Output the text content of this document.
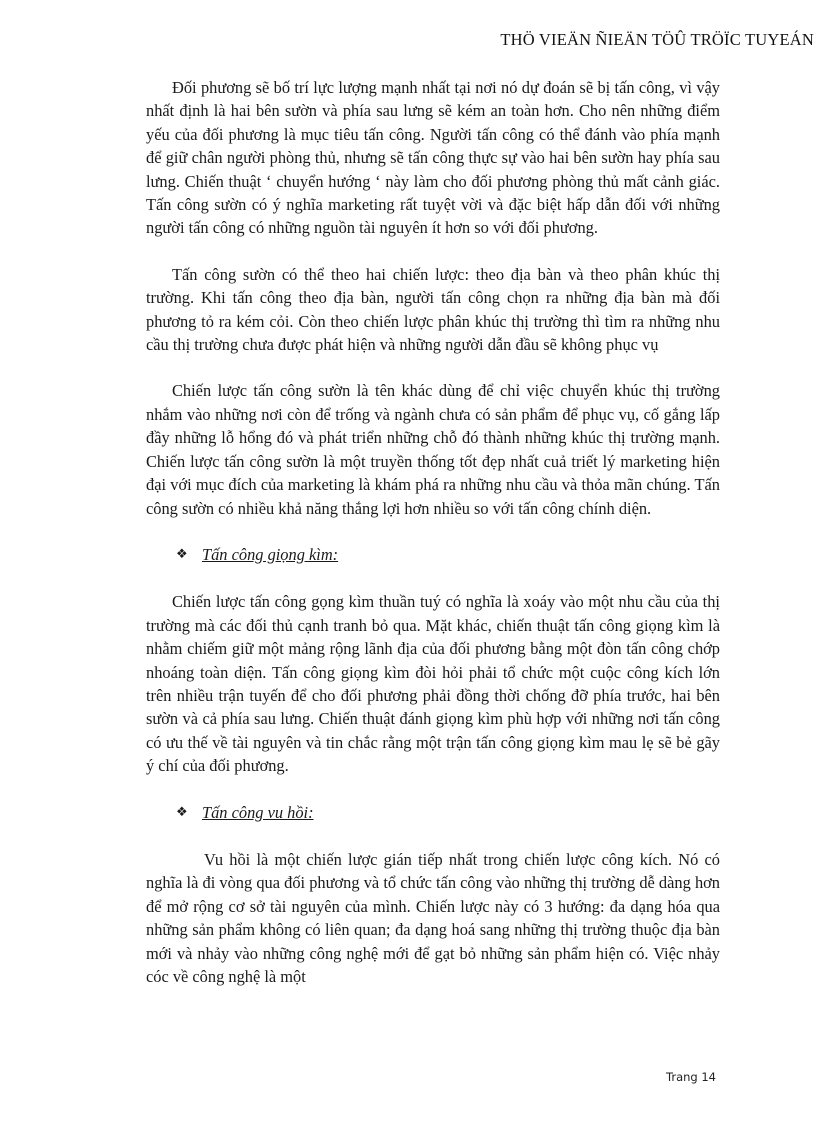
THÖ VIEÄN ÑIEÄN TÖÛ TRÖÏC TUYEÁN

Đối phương sẽ bố trí lực lượng mạnh nhất tại nơi nó dự đoán sẽ bị tấn công, vì vậy nhất định là hai bên sườn và phía sau lưng sẽ kém an toàn hơn. Cho nên những điểm yếu của đối phương là mục tiêu tấn công. Người tấn công có thể đánh vào phía mạnh để giữ chân người phòng thủ, nhưng sẽ tấn công thực sự vào hai bên sườn hay phía sau lưng. Chiến thuật ‘ chuyển hướng ‘ này làm cho đối phương phòng thủ mất cảnh giác. Tấn công sườn có ý nghĩa marketing rất tuyệt vời và đặc biệt hấp dẫn đối với những người tấn công có những nguồn tài nguyên ít hơn so với đối phương.

Tấn công sườn có thể theo hai chiến lược: theo địa bàn và theo phân khúc thị trường. Khi tấn công theo địa bàn, người tấn công chọn ra những địa bàn mà đối phương tỏ ra kém cỏi. Còn theo chiến lược phân khúc thị trường thì tìm ra những nhu cầu thị trường chưa được phát hiện và những người dẫn đầu sẽ không phục vụ

Chiến lược tấn công sườn là tên khác dùng để chỉ việc chuyển khúc thị trường nhắm vào những nơi còn để trống và ngành chưa có sản phẩm để phục vụ, cố gắng lấp đầy những lỗ hổng đó và phát triển những chỗ đó thành những khúc thị trường mạnh. Chiến lược tấn công sườn là một truyền thống tốt đẹp nhất cuả triết lý marketing hiện đại với mục đích của marketing là khám phá ra những nhu cầu và thỏa mãn chúng. Tấn công sườn có nhiều khả năng thắng lợi hơn nhiều so với tấn công chính diện.

❖ Tấn công giọng kìm:

Chiến lược tấn công gọng kìm thuần tuý có nghĩa là xoáy vào một nhu cầu của thị trường mà các đối thủ cạnh tranh bỏ qua. Mặt khác, chiến thuật tấn công giọng kìm là nhằm chiếm giữ một mảng rộng lãnh địa của đối phương bằng một đòn tấn công chớp nhoáng toàn diện. Tấn công giọng kìm đòi hỏi phải tổ chức một cuộc công kích lớn trên nhiều trận tuyến để cho đối phương phải đồng thời chống đỡ phía trước, hai bên sườn và cả phía sau lưng. Chiến thuật đánh giọng kìm phù hợp với những nơi tấn công có ưu thế về tài nguyên và tin chắc rằng một trận tấn công giọng kìm mau lẹ sẽ bẻ gãy ý chí của đối phương.

❖ Tấn công vu hồi:

Vu hồi là một chiến lược gián tiếp nhất trong chiến lược công kích. Nó có nghĩa là đi vòng qua đối phương và tổ chức tấn công vào những thị trường dễ dàng hơn để mở rộng cơ sở tài nguyên của mình. Chiến lược này có 3 hướng: đa dạng hóa qua những sản phẩm không có liên quan; đa dạng hoá sang những thị trường thuộc địa bàn mới và nhảy vào những công nghệ mới để gạt bỏ những sản phẩm hiện có. Việc nhảy cóc về công nghệ là một

Trang 14
